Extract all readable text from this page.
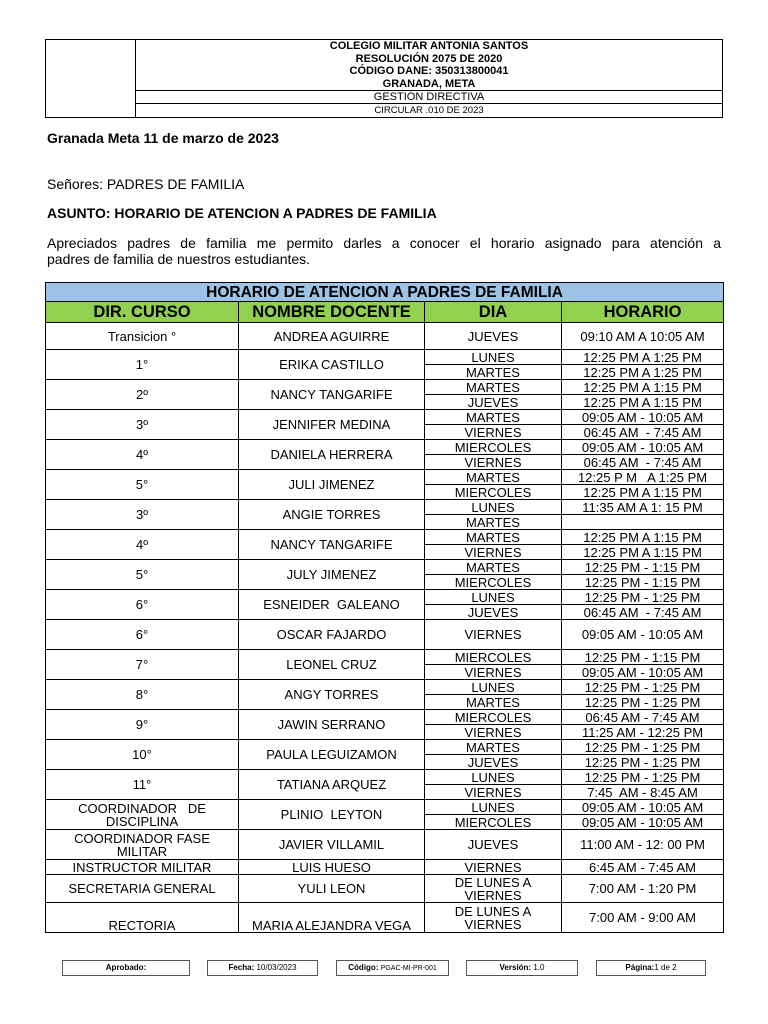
COLEGIO MILITAR ANTONIA SANTOS
RESOLUCIÓN 2075 DE 2020
CÓDIGO DANE: 350313800041
GRANADA, META
GESTIÓN DIRECTIVA
CIRCULAR .010 DE 2023
Granada Meta 11 de marzo de 2023
Señores: PADRES DE FAMILIA
ASUNTO: HORARIO DE ATENCION A PADRES DE FAMILIA
Apreciados padres de familia me permito darles a conocer el horario asignado para atención a
padres de familia de nuestros estudiantes.
HORARIO DE ATENCION A PADRES DE FAMILIA			
DIR. CURSO	NOMBRE DOCENTE	DIA	HORARIO
Transicion °	ANDREA AGUIRRE	JUEVES	09:10 AM A 10:05 AM
1°	ERIKA CASTILLO	LUNES	12:25 PM A 1:25 PM
		MARTES	12:25 PM A 1:25 PM
2º	NANCY TANGARIFE	MARTES	12:25 PM A 1:15 PM
		JUEVES	12:25 PM A 1:15 PM
3º	JENNIFER MEDINA	MARTES	09:05 AM - 10:05 AM
		VIERNES	06:45 AM  - 7:45 AM
4º	DANIELA HERRERA	MIERCOLES	09:05 AM - 10:05 AM
		VIERNES	06:45 AM  - 7:45 AM
5°	JULI JIMENEZ	MARTES	12:25 P M   A 1:25 PM
		MIERCOLES	12:25 PM A 1:15 PM
3º	ANGIE TORRES	LUNES	11:35 AM A 1: 15 PM
		MARTES	
4º	NANCY TANGARIFE	MARTES	12:25 PM A 1:15 PM
		VIERNES	12:25 PM A 1:15 PM
5°	JULY JIMENEZ	MARTES	12:25 PM - 1:15 PM
		MIERCOLES	12:25 PM - 1:15 PM
6°	ESNEIDER  GALEANO	LUNES	12:25 PM - 1:25 PM
		JUEVES	06:45 AM  - 7:45 AM
6°	OSCAR FAJARDO	VIERNES	09:05 AM - 10:05 AM
7°	LEONEL CRUZ	MIERCOLES	12:25 PM - 1:15 PM
		VIERNES	09:05 AM - 10:05 AM
8°	ANGY TORRES	LUNES	12:25 PM - 1:25 PM
		MARTES	12:25 PM - 1:25 PM
9°	JAWIN SERRANO	MIERCOLES	06:45 AM - 7:45 AM
		VIERNES	11:25 AM - 12:25 PM
10°	PAULA LEGUIZAMON	MARTES	12:25 PM - 1:25 PM
		JUEVES	12:25 PM - 1:25 PM
11°	TATIANA ARQUEZ	LUNES	12:25 PM - 1:25 PM
		VIERNES	7:45  AM - 8:45 AM
COORDINADOR   DE DISCIPLINA	PLINIO  LEYTON	LUNES	09:05 AM - 10:05 AM
		MIERCOLES	09:05 AM - 10:05 AM
COORDINADOR FASE MILITAR	JAVIER VILLAMIL	JUEVES	11:00 AM - 12: 00 PM
INSTRUCTOR MILITAR	LUIS HUESO	VIERNES	6:45 AM - 7:45 AM
SECRETARIA GENERAL	YULI LEON	DE LUNES A VIERNES	7:00 AM - 1:20 PM
RECTORIA	MARIA ALEJANDRA VEGA	DE LUNES A VIERNES	7:00 AM - 9:00 AM
Aprobado:	Fecha: 10/03/2023	Código: PGAC-MI-PR-001	Versión: 1.0	Página:1 de 2
